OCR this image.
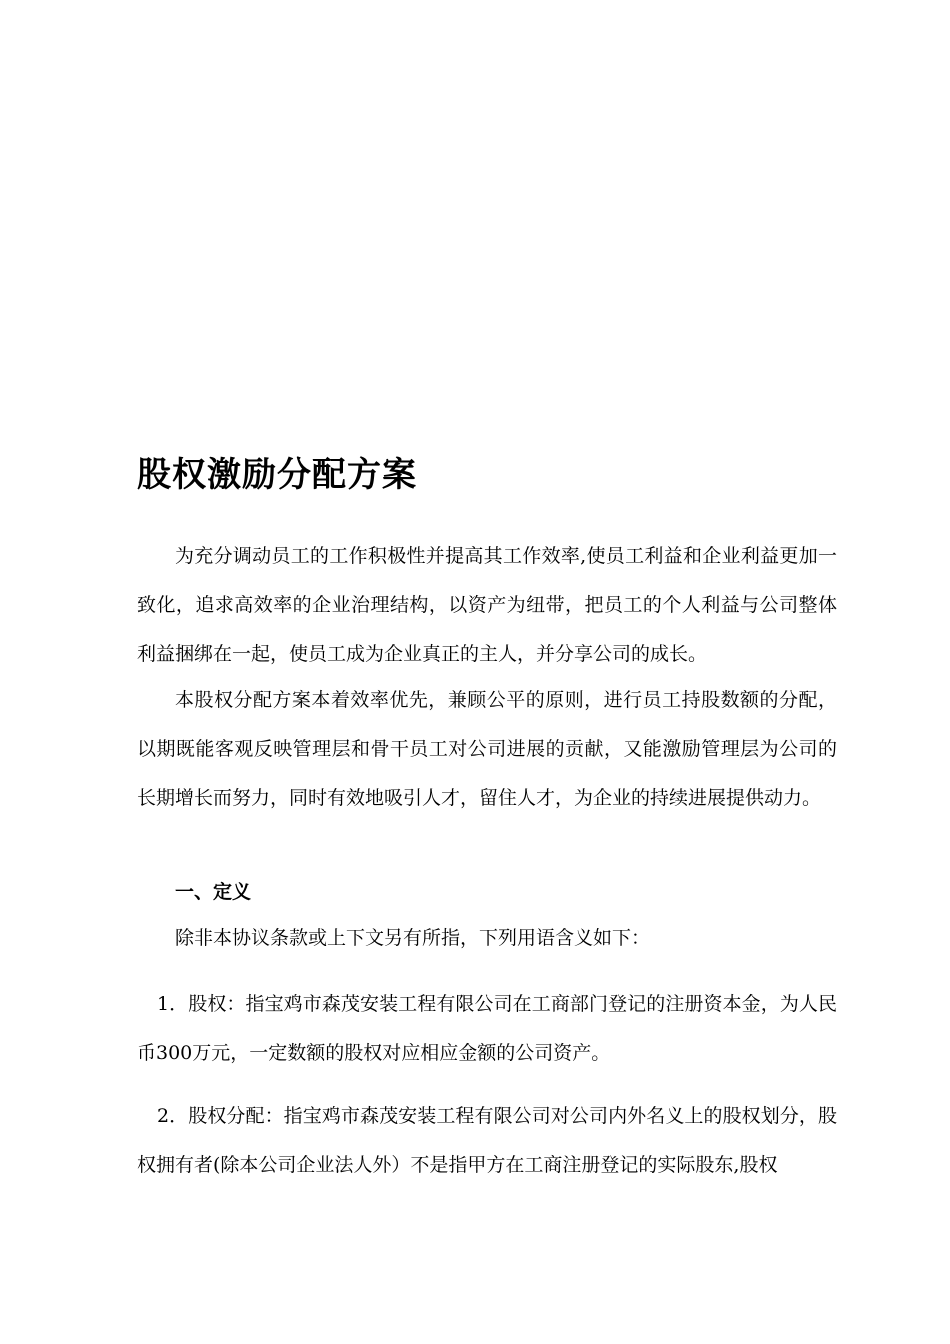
股权激励分配方案

为充分调动员工的工作积极性并提高其工作效率,使员工利益和企业利益更加一致化，追求高效率的企业治理结构，以资产为纽带，把员工的个人利益与公司整体利益捆绑在一起，使员工成为企业真正的主人，并分享公司的成长。

本股权分配方案本着效率优先，兼顾公平的原则，进行员工持股数额的分配，以期既能客观反映管理层和骨干员工对公司进展的贡献，又能激励管理层为公司的长期增长而努力，同时有效地吸引人才，留住人才，为企业的持续进展提供动力。

一、定义

除非本协议条款或上下文另有所指，下列用语含义如下：

1．股权：指宝鸡市森茂安装工程有限公司在工商部门登记的注册资本金，为人民币300万元，一定数额的股权对应相应金额的公司资产。

2．股权分配：指宝鸡市森茂安装工程有限公司对公司内外名义上的股权划分，股权拥有者(除本公司企业法人外）不是指甲方在工商注册登记的实际股东,股权
